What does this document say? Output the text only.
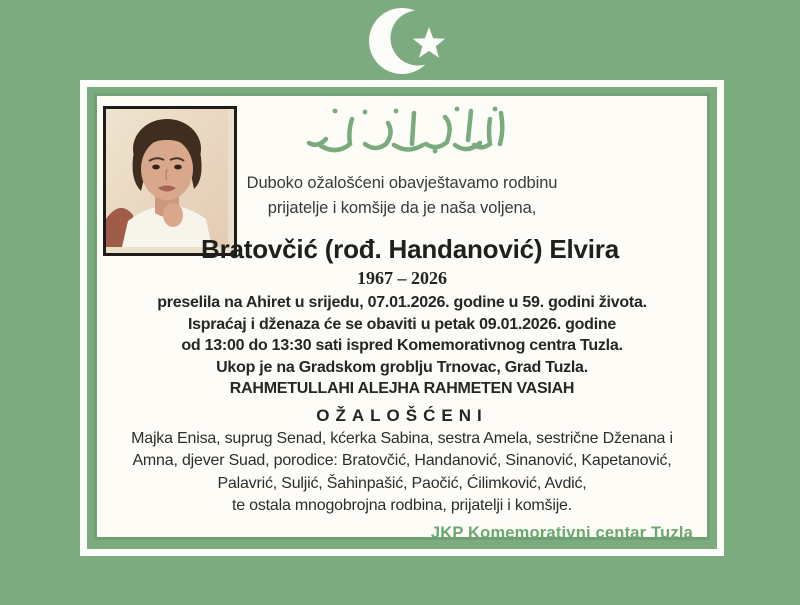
Duboko ožalošćeni obavještavamo rodbinu
prijatelje i komšije da je naša voljena,
Bratovčić (rođ. Handanović) Elvira
1967 – 2026
preselila na Ahiret u srijedu, 07.01.2026. godine u 59. godini života.
Ispraćaj i dženaza će se obaviti u petak 09.01.2026. godine
od 13:00 do 13:30 sati ispred Komemorativnog centra Tuzla.
Ukop je na Gradskom groblju Trnovac, Grad Tuzla.
RAHMETULLAHI ALEJHA RAHMETEN VASIAH
OŽALOŠĆENI
Majka Enisa, suprug Senad, kćerka Sabina, sestra Amela, sestrične Dženana i
Amna, djever Suad, porodice: Bratovčić, Handanović, Sinanović, Kapetanović,
Palavrić, Suljić, Šahinpašić, Paočić, Ćilimković, Avdić,
te ostala mnogobrojna rodbina, prijatelji i komšije.
JKP Komemorativni centar Tuzla
